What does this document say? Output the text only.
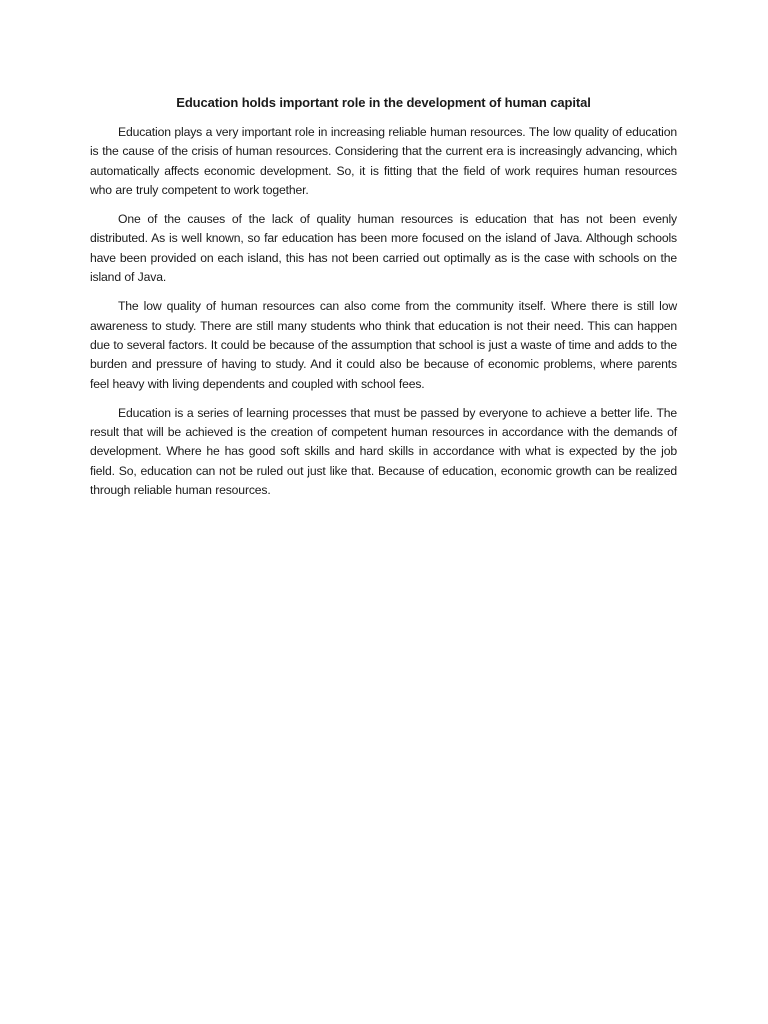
Education holds important role in the development of human capital

Education plays a very important role in increasing reliable human resources. The low quality of education is the cause of the crisis of human resources. Considering that the current era is increasingly advancing, which automatically affects economic development. So, it is fitting that the field of work requires human resources who are truly competent to work together.

One of the causes of the lack of quality human resources is education that has not been evenly distributed. As is well known, so far education has been more focused on the island of Java. Although schools have been provided on each island, this has not been carried out optimally as is the case with schools on the island of Java.

The low quality of human resources can also come from the community itself. Where there is still low awareness to study. There are still many students who think that education is not their need. This can happen due to several factors. It could be because of the assumption that school is just a waste of time and adds to the burden and pressure of having to study. And it could also be because of economic problems, where parents feel heavy with living dependents and coupled with school fees.

Education is a series of learning processes that must be passed by everyone to achieve a better life. The result that will be achieved is the creation of competent human resources in accordance with the demands of development. Where he has good soft skills and hard skills in accordance with what is expected by the job field. So, education can not be ruled out just like that. Because of education, economic growth can be realized through reliable human resources.
